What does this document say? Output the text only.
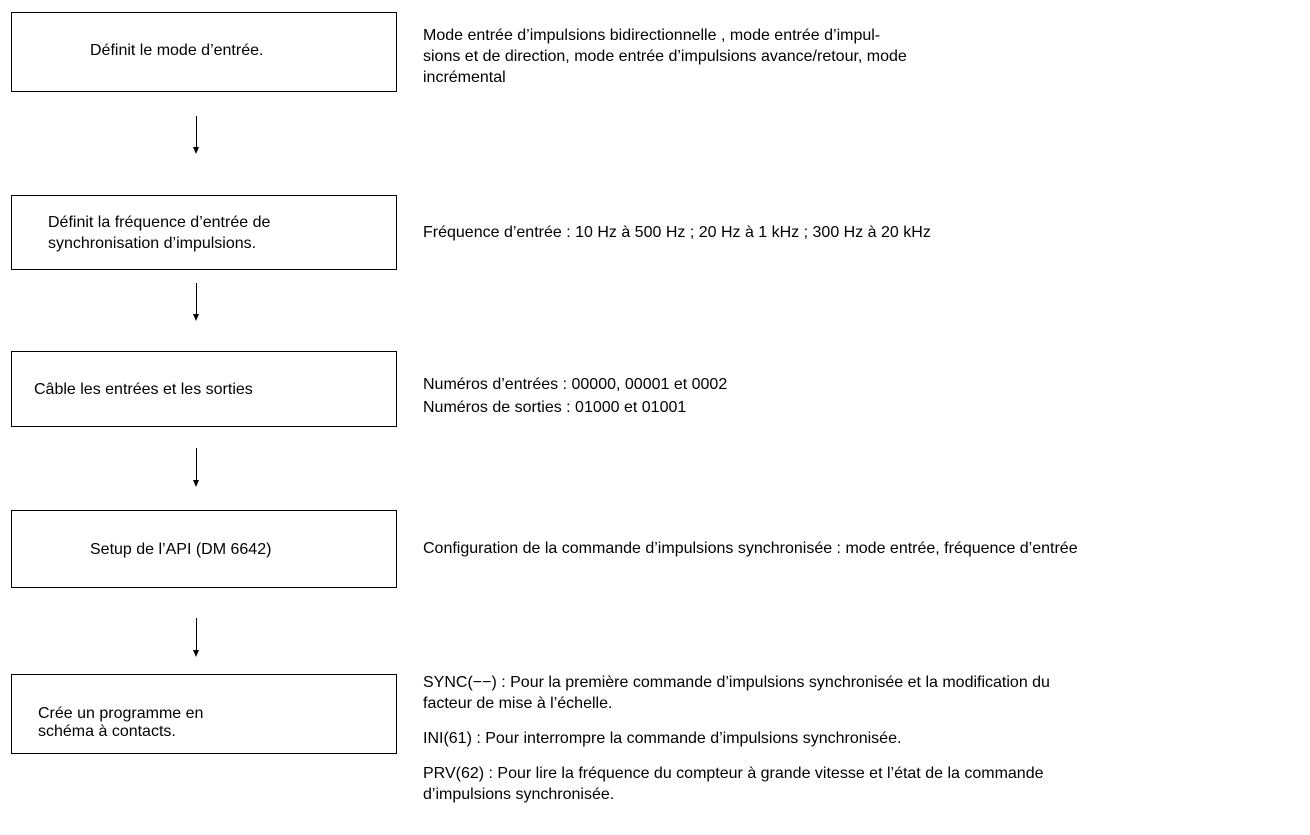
Définit le mode d’entrée.
Mode entrée d’impulsions bidirectionnelle , mode entrée d’impul-
sions et de direction, mode entrée d’impulsions avance/retour, mode
incrémental
Définit la fréquence d’entrée de
synchronisation d’impulsions.
Fréquence d’entrée : 10 Hz à 500 Hz ; 20 Hz à 1 kHz ; 300 Hz à 20 kHz
Câble les entrées et les sorties	Numéros d’entrées : 00000, 00001 et 0002
Numéros de sorties : 01000 et 01001
Setup de l’API (DM 6642)	Configuration de la commande d’impulsions synchronisée : mode entrée, fréquence d’entrée
Crée un programme en
schéma à contacts.
SYNC(−−) : Pour la première commande d’impulsions synchronisée et la modification du
facteur de mise à l’échelle.
INI(61) : Pour interrompre la commande d’impulsions synchronisée.
PRV(62) : Pour lire la fréquence du compteur à grande vitesse et l’état de la commande
d’impulsions synchronisée.
